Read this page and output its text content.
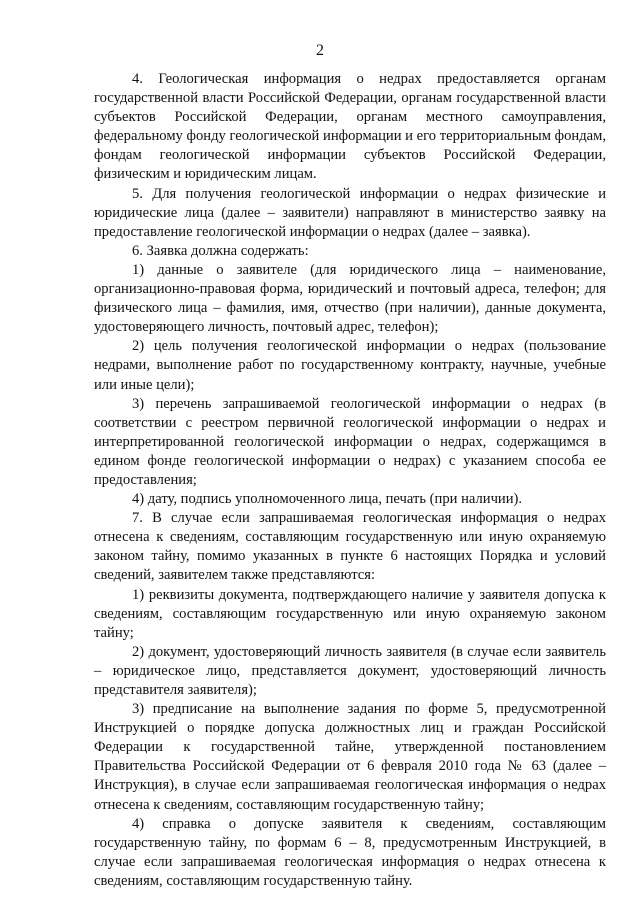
2

4. Геологическая информация о недрах предоставляется органам государственной власти Российской Федерации, органам государственной власти субъектов Российской Федерации, органам местного самоуправления, федеральному фонду геологической информации и его территориальным фондам, фондам геологической информации субъектов Российской Федерации, физическим и юридическим лицам.

5. Для получения геологической информации о недрах физические и юридические лица (далее – заявители) направляют в министерство заявку на предоставление геологической информации о недрах (далее – заявка).

6. Заявка должна содержать:

1) данные о заявителе (для юридического лица – наименование, организационно-правовая форма, юридический и почтовый адреса, телефон; для физического лица – фамилия, имя, отчество (при наличии), данные документа, удостоверяющего личность, почтовый адрес, телефон);

2) цель получения геологической информации о недрах (пользование недрами, выполнение работ по государственному контракту, научные, учебные или иные цели);

3) перечень запрашиваемой геологической информации о недрах (в соответствии с реестром первичной геологической информации о недрах и интерпретированной геологической информации о недрах, содержащимся в едином фонде геологической информации о недрах) с указанием способа ее предоставления;

4) дату, подпись уполномоченного лица, печать (при наличии).

7. В случае если запрашиваемая геологическая информация о недрах отнесена к сведениям, составляющим государственную или иную охраняемую законом тайну, помимо указанных в пункте 6 настоящих Порядка и условий сведений, заявителем также представляются:

1) реквизиты документа, подтверждающего наличие у заявителя допуска к сведениям, составляющим государственную или иную охраняемую законом тайну;

2) документ, удостоверяющий личность заявителя (в случае если заявитель – юридическое лицо, представляется документ, удостоверяющий личность представителя заявителя);

3) предписание на выполнение задания по форме 5, предусмотренной Инструкцией о порядке допуска должностных лиц и граждан Российской Федерации к государственной тайне, утвержденной постановлением Правительства Российской Федерации от 6 февраля 2010 года № 63 (далее – Инструкция), в случае если запрашиваемая геологическая информация о недрах отнесена к сведениям, составляющим государственную тайну;

4) справка о допуске заявителя к сведениям, составляющим государственную тайну, по формам 6 – 8, предусмотренным Инструкцией, в случае если запрашиваемая геологическая информация о недрах отнесена к сведениям, составляющим государственную тайну.
